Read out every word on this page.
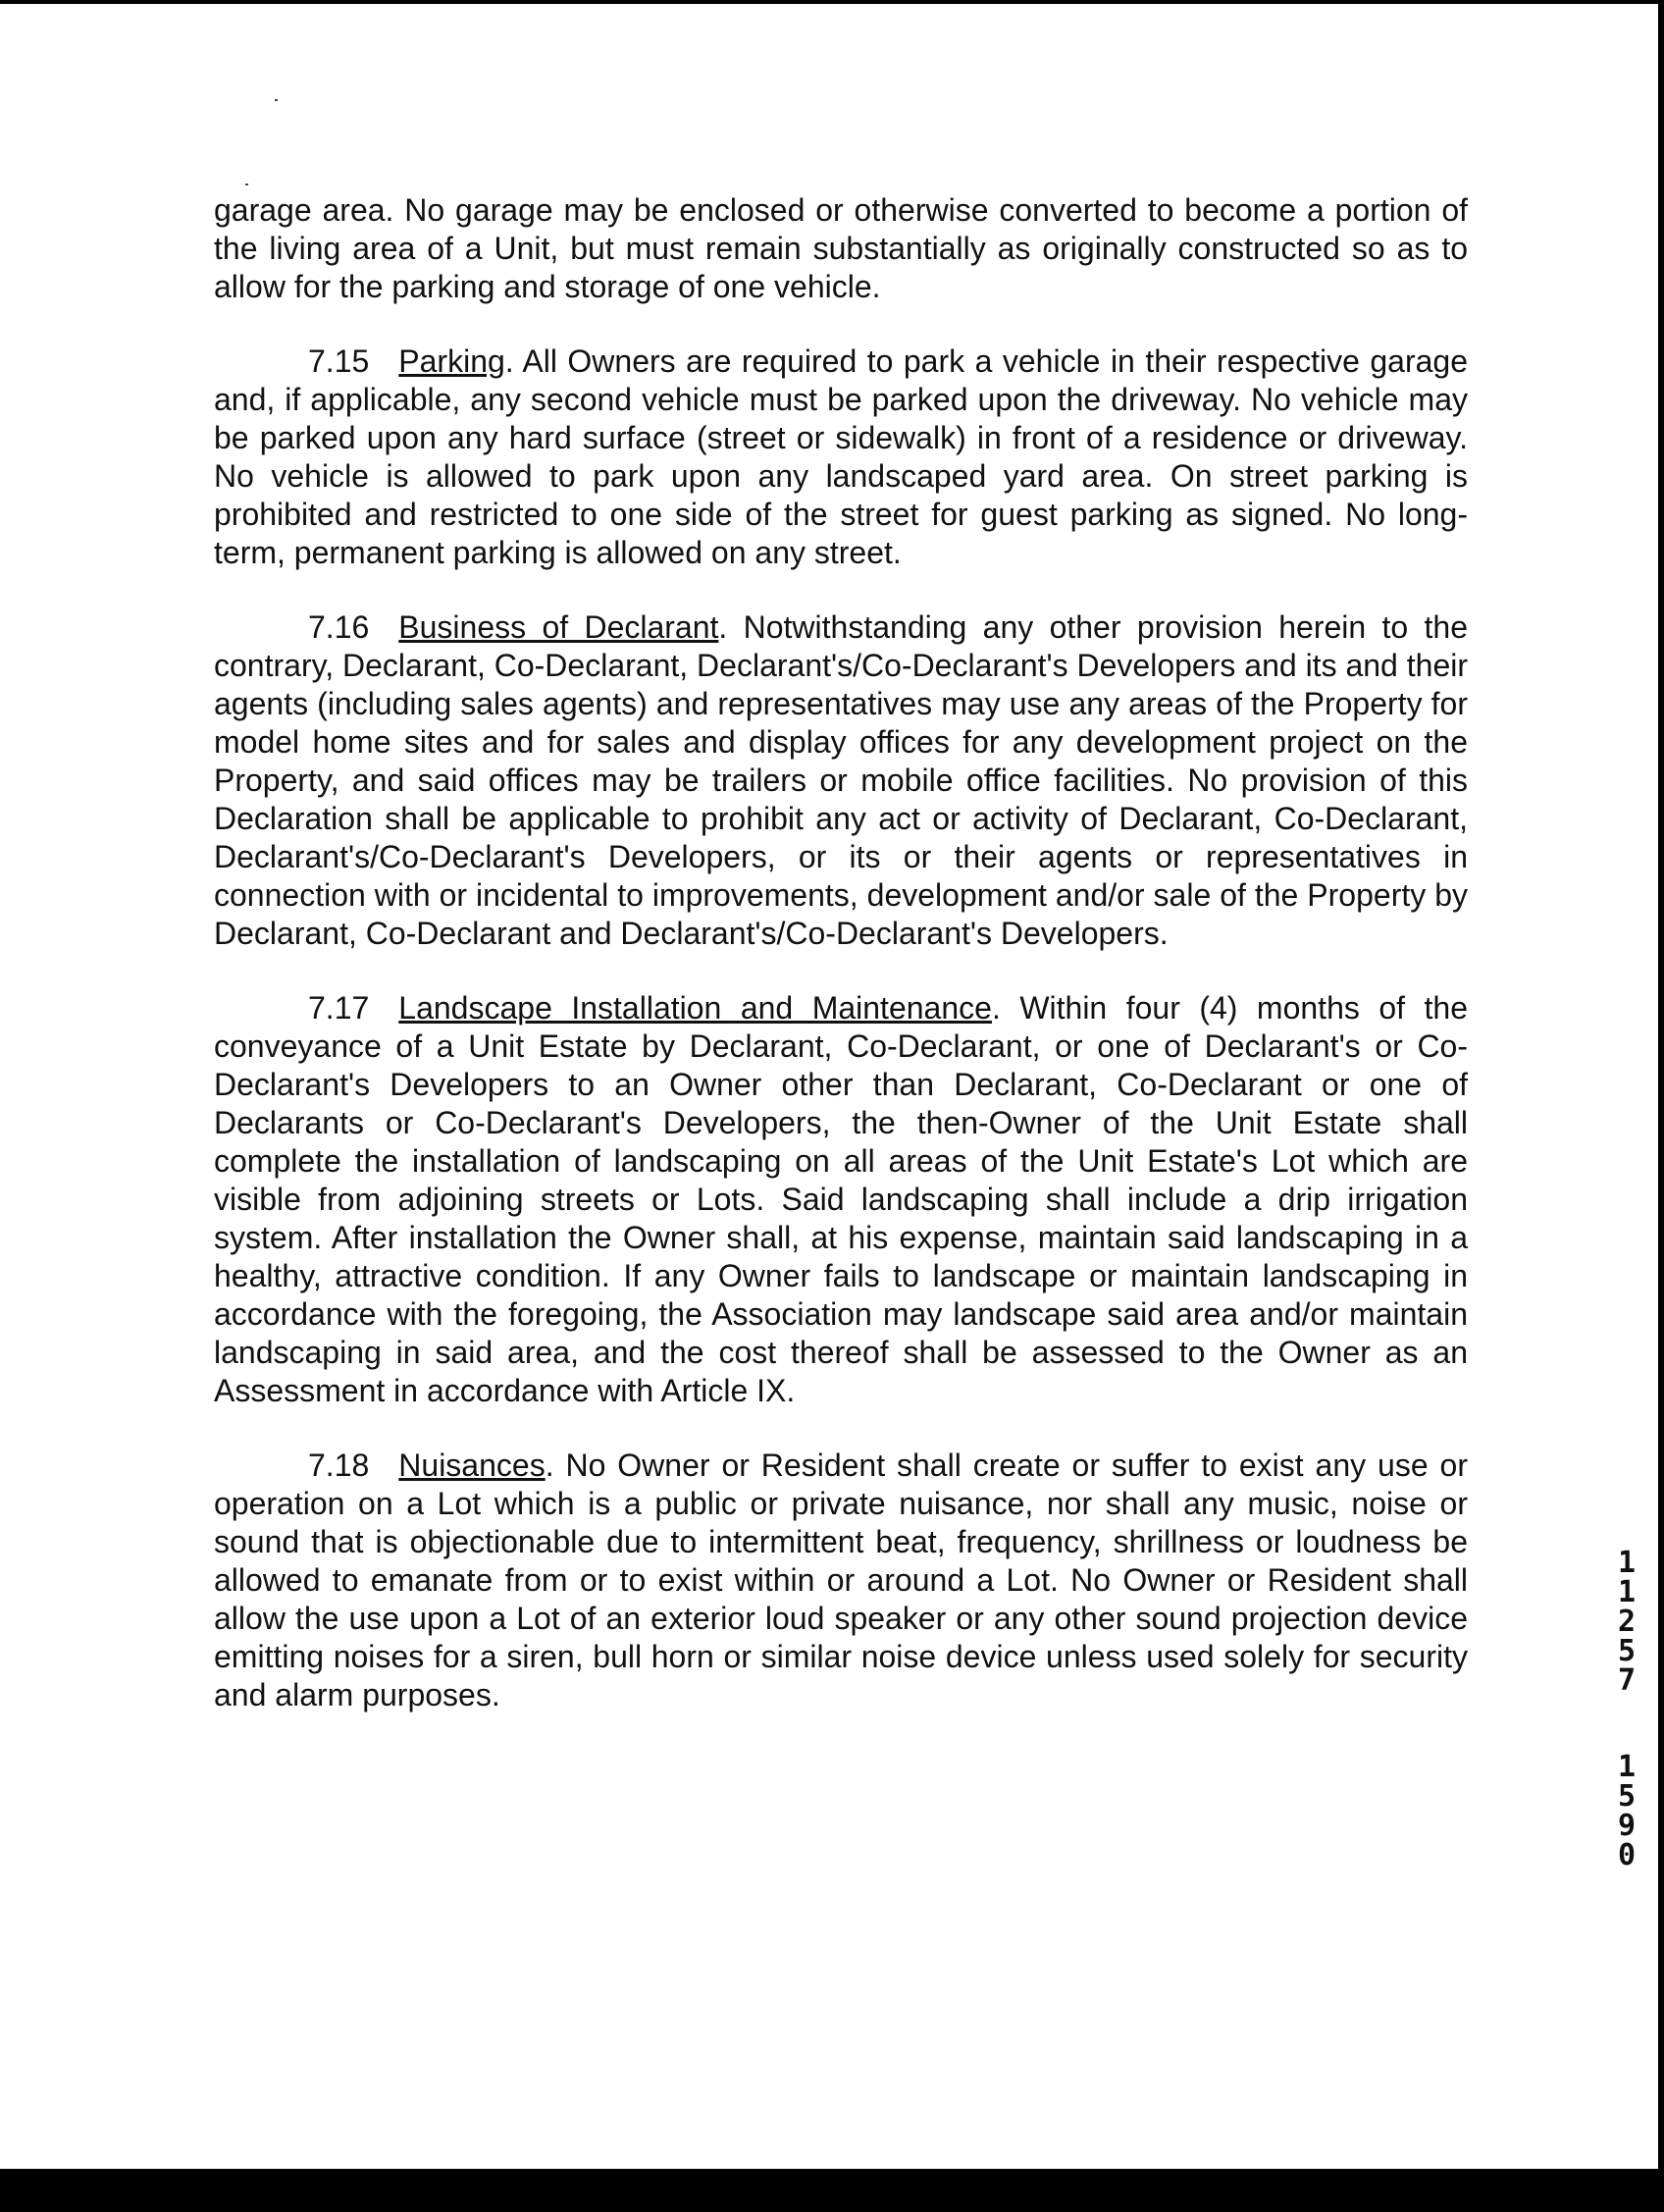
garage area. No garage may be enclosed or otherwise converted to become a portion of the living area of a Unit, but must remain substantially as originally constructed so as to allow for the parking and storage of one vehicle.

7.15 Parking. All Owners are required to park a vehicle in their respective garage and, if applicable, any second vehicle must be parked upon the driveway. No vehicle may be parked upon any hard surface (street or sidewalk) in front of a residence or driveway. No vehicle is allowed to park upon any landscaped yard area. On street parking is prohibited and restricted to one side of the street for guest parking as signed. No long-term, permanent parking is allowed on any street.

7.16 Business of Declarant. Notwithstanding any other provision herein to the contrary, Declarant, Co-Declarant, Declarant's/Co-Declarant's Developers and its and their agents (including sales agents) and representatives may use any areas of the Property for model home sites and for sales and display offices for any development project on the Property, and said offices may be trailers or mobile office facilities. No provision of this Declaration shall be applicable to prohibit any act or activity of Declarant, Co-Declarant, Declarant's/Co-Declarant's Developers, or its or their agents or representatives in connection with or incidental to improvements, development and/or sale of the Property by Declarant, Co-Declarant and Declarant's/Co-Declarant's Developers.

7.17 Landscape Installation and Maintenance. Within four (4) months of the conveyance of a Unit Estate by Declarant, Co-Declarant, or one of Declarant's or Co-Declarant's Developers to an Owner other than Declarant, Co-Declarant or one of Declarants or Co-Declarant's Developers, the then-Owner of the Unit Estate shall complete the installation of landscaping on all areas of the Unit Estate's Lot which are visible from adjoining streets or Lots. Said landscaping shall include a drip irrigation system. After installation the Owner shall, at his expense, maintain said landscaping in a healthy, attractive condition. If any Owner fails to landscape or maintain landscaping in accordance with the foregoing, the Association may landscape said area and/or maintain landscaping in said area, and the cost thereof shall be assessed to the Owner as an Assessment in accordance with Article IX.

7.18 Nuisances. No Owner or Resident shall create or suffer to exist any use or operation on a Lot which is a public or private nuisance, nor shall any music, noise or sound that is objectionable due to intermittent beat, frequency, shrillness or loudness be allowed to emanate from or to exist within or around a Lot. No Owner or Resident shall allow the use upon a Lot of an exterior loud speaker or any other sound projection device emitting noises for a siren, bull horn or similar noise device unless used solely for security and alarm purposes.

11257
1590
